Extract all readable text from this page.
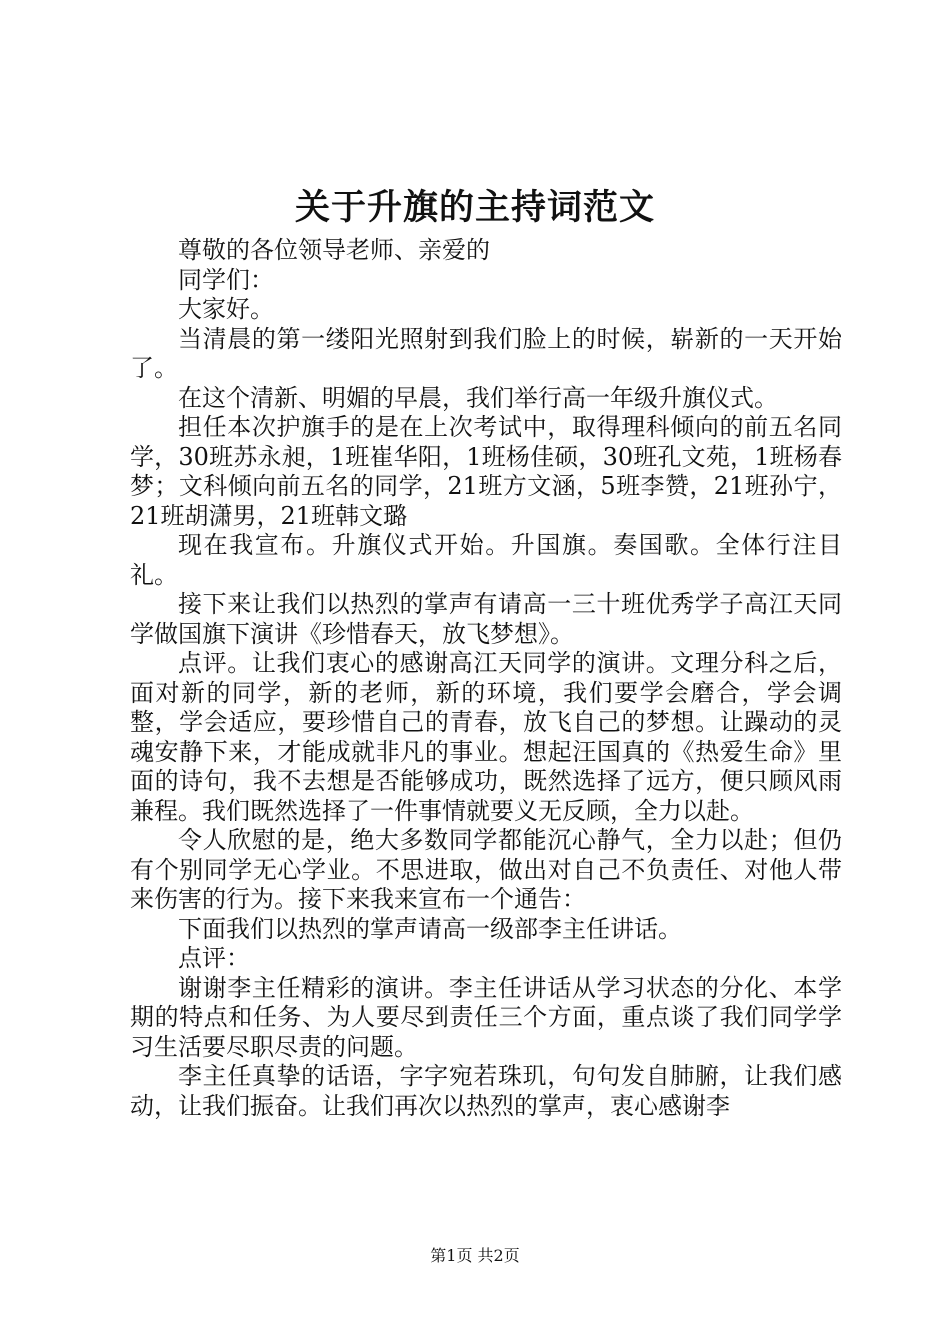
关于升旗的主持词范文

尊敬的各位领导老师、亲爱的

同学们：

大家好。

当清晨的第一缕阳光照射到我们脸上的时候，崭新的一天开始了。

在这个清新、明媚的早晨，我们举行高一年级升旗仪式。

担任本次护旗手的是在上次考试中，取得理科倾向的前五名同学，30班苏永昶，1班崔华阳，1班杨佳硕，30班孔文苑，1班杨春梦；文科倾向前五名的同学，21班方文涵，5班李赞，21班孙宁，21班胡潇男，21班韩文璐

现在我宣布。升旗仪式开始。升国旗。奏国歌。全体行注目礼。

接下来让我们以热烈的掌声有请高一三十班优秀学子高江天同学做国旗下演讲《珍惜春天，放飞梦想》。

点评。让我们衷心的感谢高江天同学的演讲。文理分科之后，面对新的同学，新的老师，新的环境，我们要学会磨合，学会调整，学会适应，要珍惜自己的青春，放飞自己的梦想。让躁动的灵魂安静下来，才能成就非凡的事业。想起汪国真的《热爱生命》里面的诗句，我不去想是否能够成功，既然选择了远方，便只顾风雨兼程。我们既然选择了一件事情就要义无反顾，全力以赴。

令人欣慰的是，绝大多数同学都能沉心静气，全力以赴；但仍有个别同学无心学业。不思进取，做出对自己不负责任、对他人带来伤害的行为。接下来我来宣布一个通告：

下面我们以热烈的掌声请高一级部李主任讲话。

点评：

谢谢李主任精彩的演讲。李主任讲话从学习状态的分化、本学期的特点和任务、为人要尽到责任三个方面，重点谈了我们同学学习生活要尽职尽责的问题。

李主任真挚的话语，字字宛若珠玑，句句发自肺腑，让我们感动，让我们振奋。让我们再次以热烈的掌声，衷心感谢李

第1页 共2页
